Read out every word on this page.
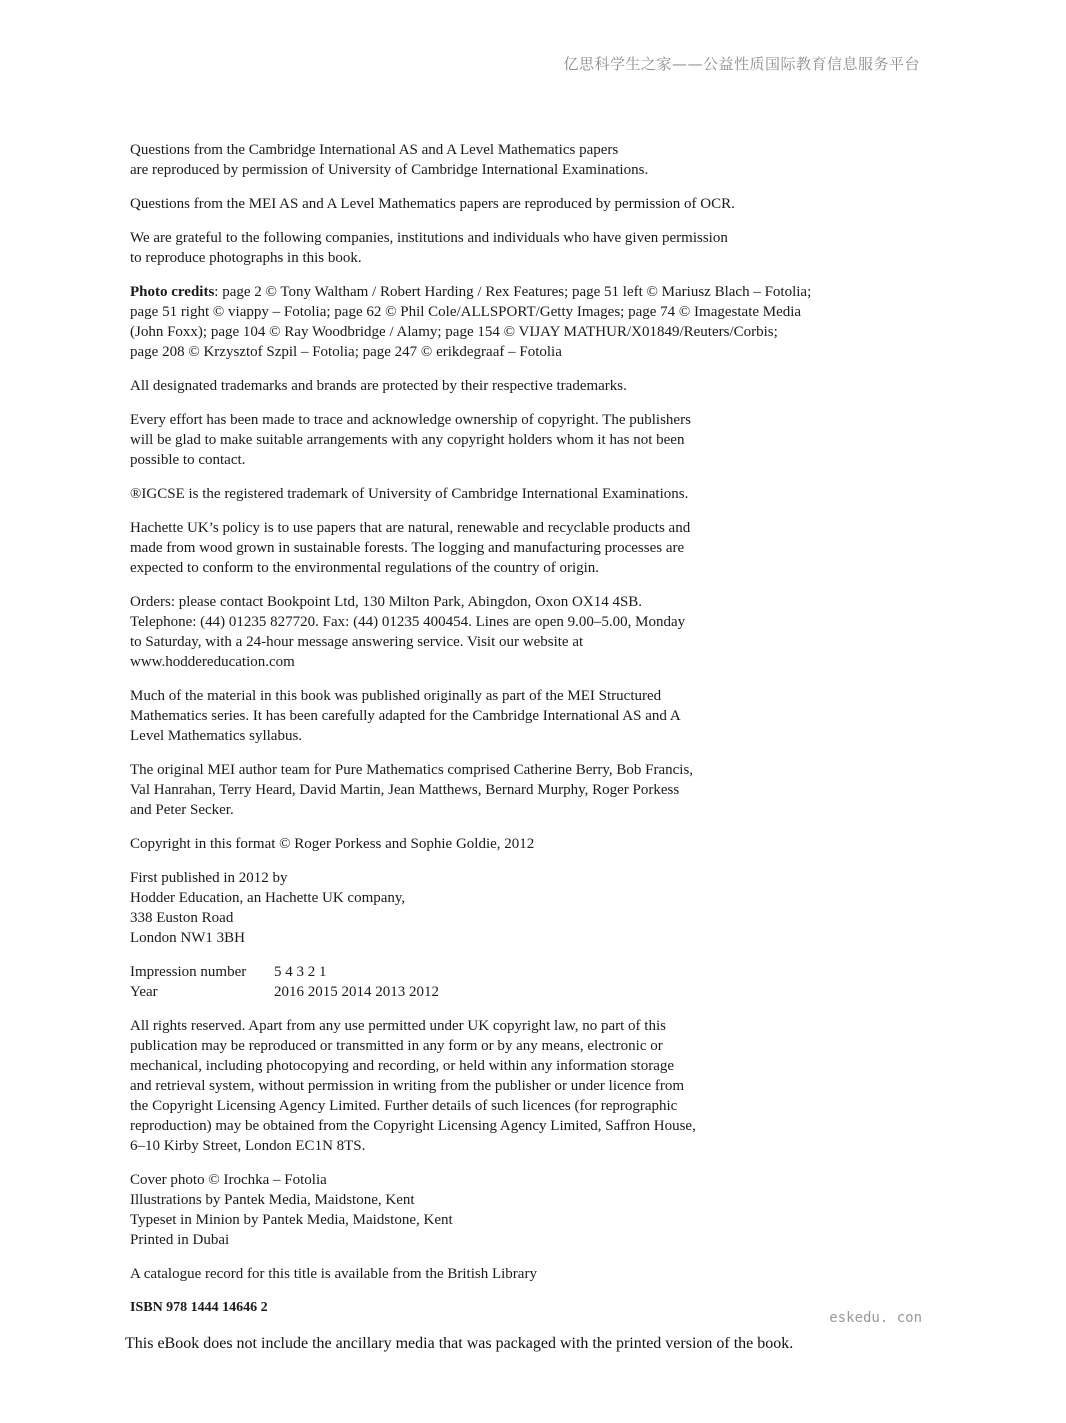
亿思科学生之家——公益性质国际教育信息服务平台

Questions from the Cambridge International AS and A Level Mathematics papers
are reproduced by permission of University of Cambridge International Examinations.

Questions from the MEI AS and A Level Mathematics papers are reproduced by permission of OCR.

We are grateful to the following companies, institutions and individuals who have given permission
to reproduce photographs in this book.

Photo credits: page 2 © Tony Waltham / Robert Harding / Rex Features; page 51 left © Mariusz Blach – Fotolia;
page 51 right © viappy – Fotolia; page 62 © Phil Cole/ALLSPORT/Getty Images; page 74 © Imagestate Media
(John Foxx); page 104 © Ray Woodbridge / Alamy; page 154 © VIJAY MATHUR/X01849/Reuters/Corbis;
page 208 © Krzysztof Szpil – Fotolia; page 247 © erikdegraaf – Fotolia

All designated trademarks and brands are protected by their respective trademarks.

Every effort has been made to trace and acknowledge ownership of copyright. The publishers
will be glad to make suitable arrangements with any copyright holders whom it has not been
possible to contact.

®IGCSE is the registered trademark of University of Cambridge International Examinations.

Hachette UK’s policy is to use papers that are natural, renewable and recyclable products and
made from wood grown in sustainable forests. The logging and manufacturing processes are
expected to conform to the environmental regulations of the country of origin.

Orders: please contact Bookpoint Ltd, 130 Milton Park, Abingdon, Oxon OX14 4SB.
Telephone: (44) 01235 827720. Fax: (44) 01235 400454. Lines are open 9.00–5.00, Monday
to Saturday, with a 24-hour message answering service. Visit our website at
www.hoddereducation.com

Much of the material in this book was published originally as part of the MEI Structured
Mathematics series. It has been carefully adapted for the Cambridge International AS and A
Level Mathematics syllabus.

The original MEI author team for Pure Mathematics comprised Catherine Berry, Bob Francis,
Val Hanrahan, Terry Heard, David Martin, Jean Matthews, Bernard Murphy, Roger Porkess
and Peter Secker.

Copyright in this format © Roger Porkess and Sophie Goldie, 2012

First published in 2012 by
Hodder Education, an Hachette UK company,
338 Euston Road
London NW1 3BH

Impression number	5 4 3 2 1
Year	2016 2015 2014 2013 2012

All rights reserved. Apart from any use permitted under UK copyright law, no part of this
publication may be reproduced or transmitted in any form or by any means, electronic or
mechanical, including photocopying and recording, or held within any information storage
and retrieval system, without permission in writing from the publisher or under licence from
the Copyright Licensing Agency Limited. Further details of such licences (for reprographic
reproduction) may be obtained from the Copyright Licensing Agency Limited, Saffron House,
6–10 Kirby Street, London EC1N 8TS.

Cover photo © Irochka – Fotolia
Illustrations by Pantek Media, Maidstone, Kent
Typeset in Minion by Pantek Media, Maidstone, Kent
Printed in Dubai

A catalogue record for this title is available from the British Library

ISBN 978 1444 14646 2

eskedu. con
This eBook does not include the ancillary media that was packaged with the printed version of the book.
